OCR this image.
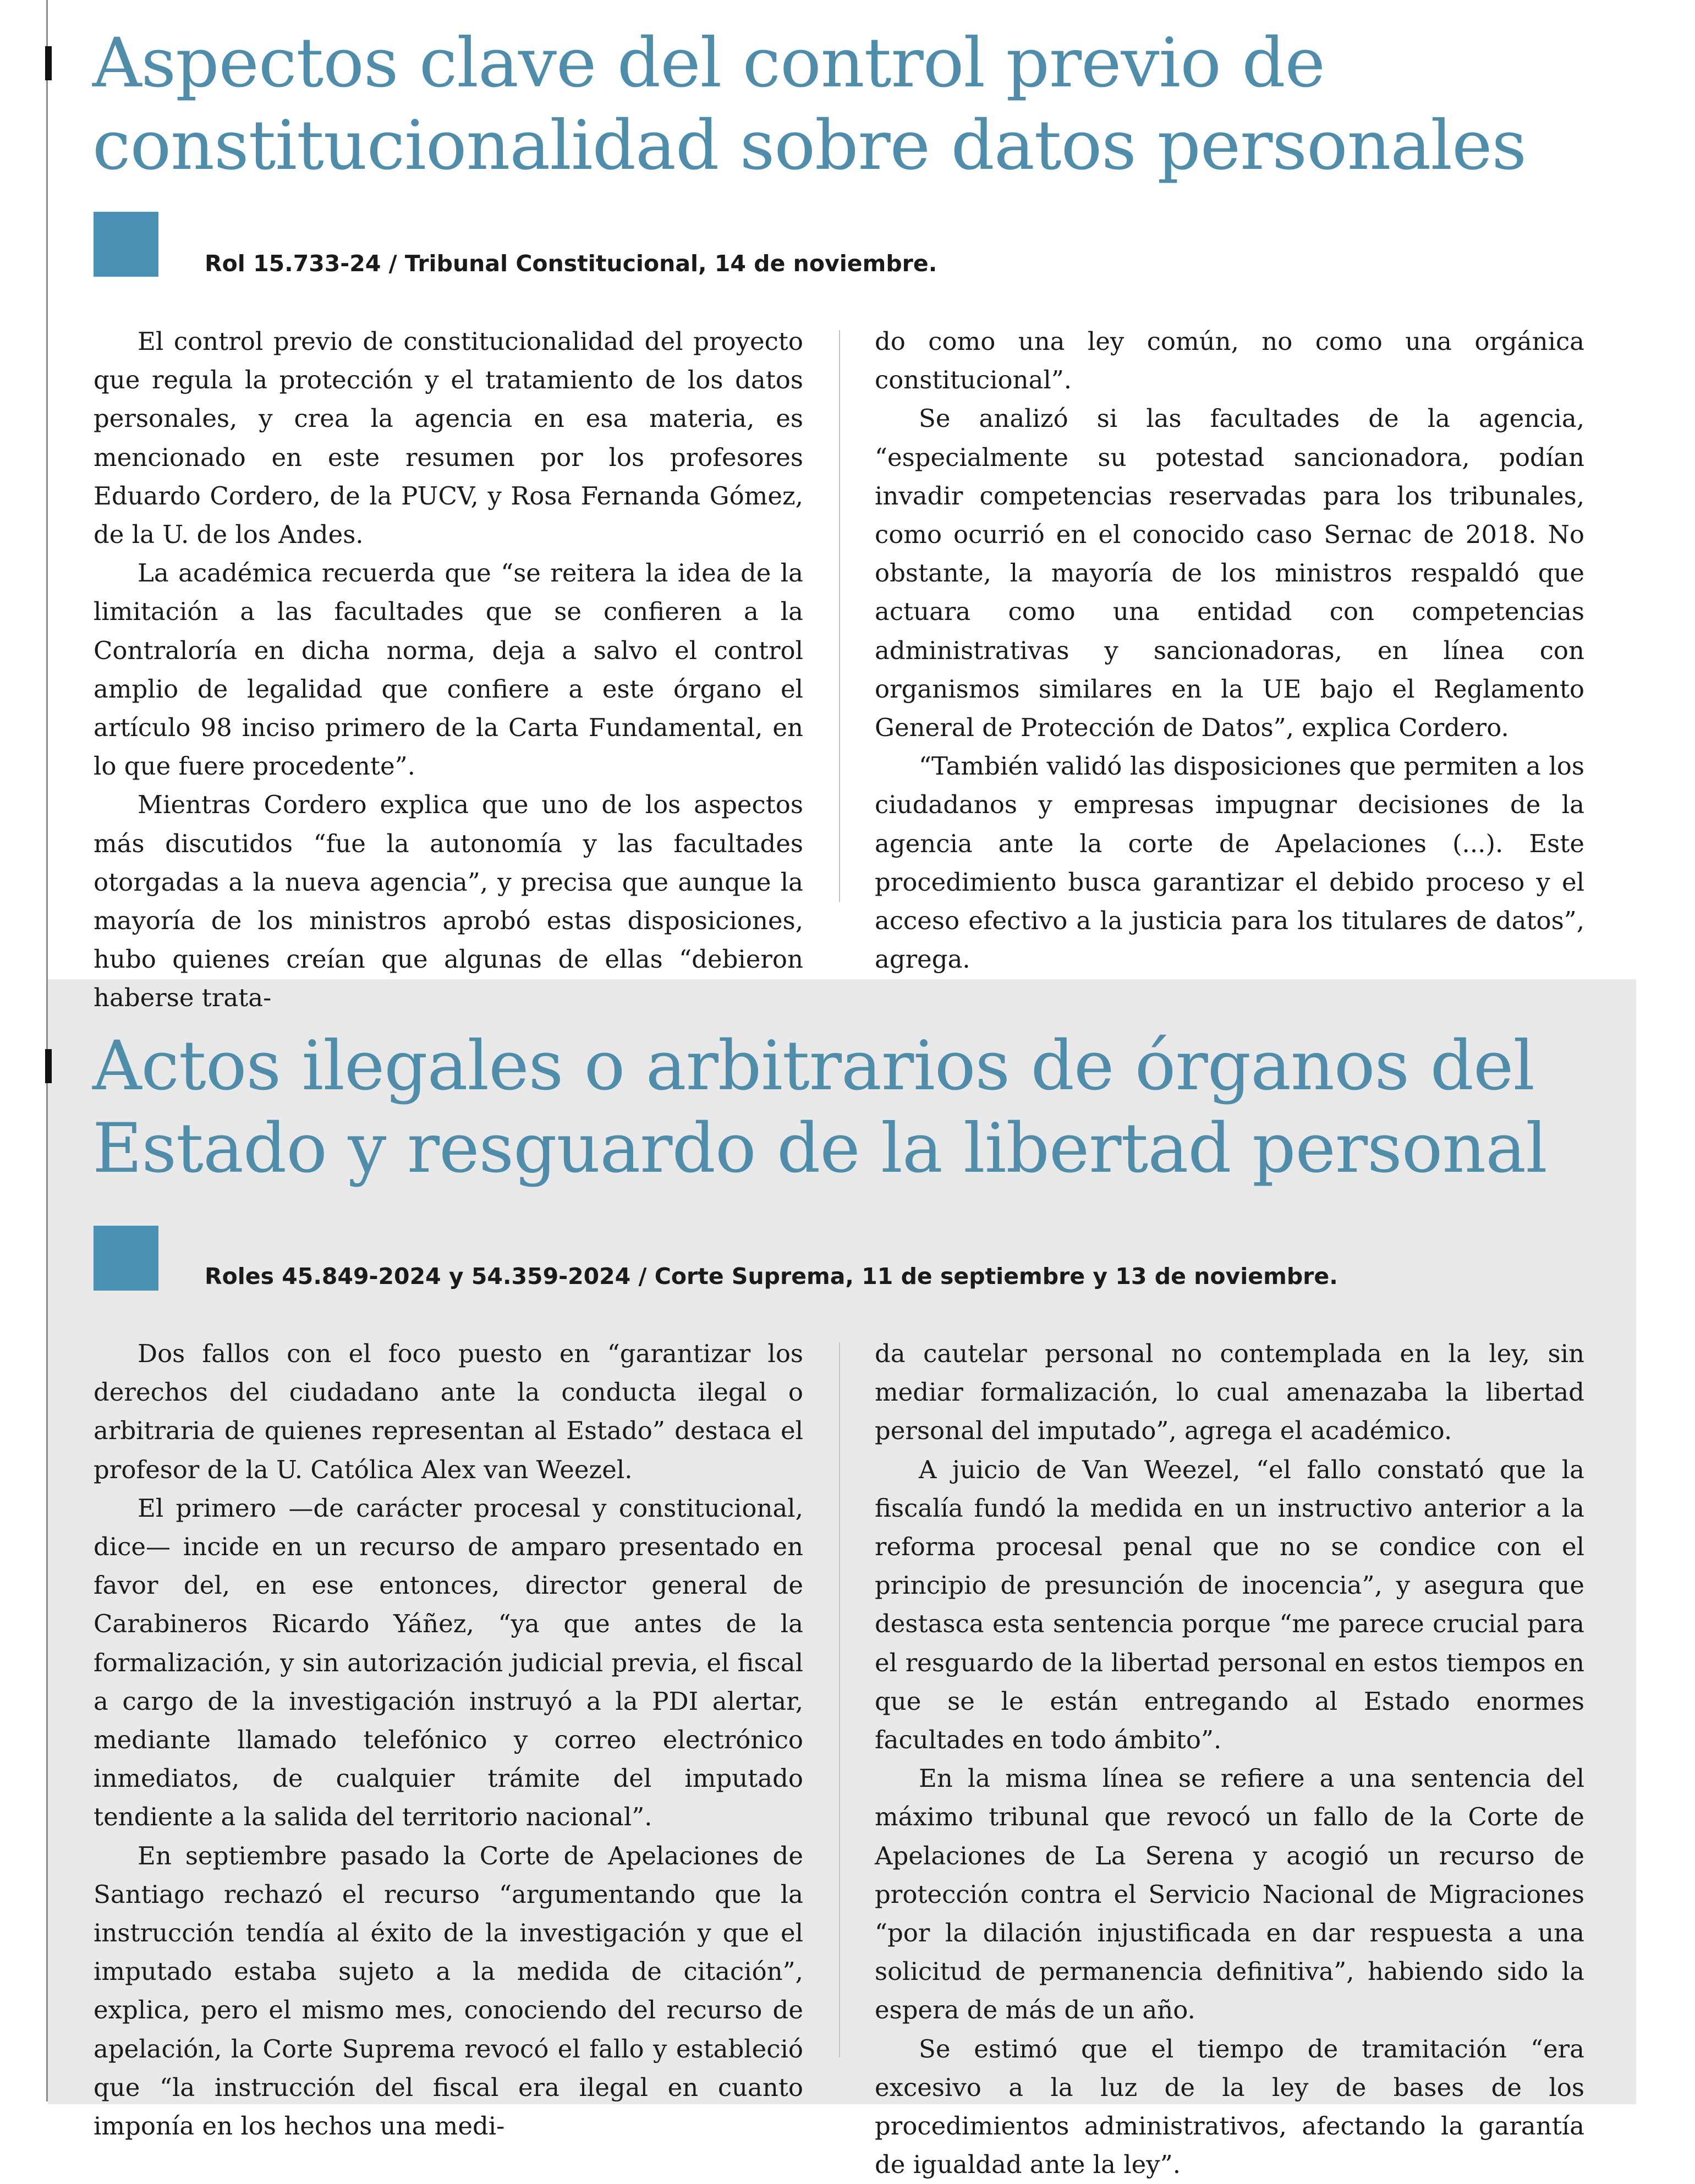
Aspectos clave del control previo de
constitucionalidad sobre datos personales

Rol 15.733-24 / Tribunal Constitucional, 14 de noviembre.

El control previo de constitucionalidad del proyecto que regula la protección y el tratamiento de los datos personales, y crea la agencia en esa materia, es mencionado en este resumen por los profesores Eduardo Cordero, de la PUCV, y Rosa Fernanda Gómez, de la U. de los Andes.

La académica recuerda que “se reitera la idea de la limitación a las facultades que se confieren a la Contraloría en dicha norma, deja a salvo el control amplio de legalidad que confiere a este órgano el artículo 98 inciso primero de la Carta Fundamental, en lo que fuere procedente”.

Mientras Cordero explica que uno de los aspectos más discutidos “fue la autonomía y las facultades otorgadas a la nueva agencia”, y precisa que aunque la mayoría de los ministros aprobó estas disposiciones, hubo quienes creían que algunas de ellas “debieron haberse trata-

do como una ley común, no como una orgánica constitucional”.

Se analizó si las facultades de la agencia, “especialmente su potestad sancionadora, podían invadir competencias reservadas para los tribunales, como ocurrió en el conocido caso Sernac de 2018. No obstante, la mayoría de los ministros respaldó que actuara como una entidad con competencias administrativas y sancionadoras, en línea con organismos similares en la UE bajo el Reglamento General de Protección de Datos”, explica Cordero.

“También validó las disposiciones que permiten a los ciudadanos y empresas impugnar decisiones de la agencia ante la corte de Apelaciones (...). Este procedimiento busca garantizar el debido proceso y el acceso efectivo a la justicia para los titulares de datos”, agrega.

Actos ilegales o arbitrarios de órganos del
Estado y resguardo de la libertad personal

Roles 45.849-2024 y 54.359-2024 / Corte Suprema, 11 de septiembre y 13 de noviembre.

Dos fallos con el foco puesto en “garantizar los derechos del ciudadano ante la conducta ilegal o arbitraria de quienes representan al Estado” destaca el profesor de la U. Católica Alex van Weezel.

El primero —de carácter procesal y constitucional, dice— incide en un recurso de amparo presentado en favor del, en ese entonces, director general de Carabineros Ricardo Yáñez, “ya que antes de la formalización, y sin autorización judicial previa, el fiscal a cargo de la investigación instruyó a la PDI alertar, mediante llamado telefónico y correo electrónico inmediatos, de cualquier trámite del imputado tendiente a la salida del territorio nacional”.

En septiembre pasado la Corte de Apelaciones de Santiago rechazó el recurso “argumentando que la instrucción tendía al éxito de la investigación y que el imputado estaba sujeto a la medida de citación”, explica, pero el mismo mes, conociendo del recurso de apelación, la Corte Suprema revocó el fallo y estableció que “la instrucción del fiscal era ilegal en cuanto imponía en los hechos una medi-

da cautelar personal no contemplada en la ley, sin mediar formalización, lo cual amenazaba la libertad personal del imputado”, agrega el académico.

A juicio de Van Weezel, “el fallo constató que la fiscalía fundó la medida en un instructivo anterior a la reforma procesal penal que no se condice con el principio de presunción de inocencia”, y asegura que destasca esta sentencia porque “me parece crucial para el resguardo de la libertad personal en estos tiempos en que se le están entregando al Estado enormes facultades en todo ámbito”.

En la misma línea se refiere a una sentencia del máximo tribunal que revocó un fallo de la Corte de Apelaciones de La Serena y acogió un recurso de protección contra el Servicio Nacional de Migraciones “por la dilación injustificada en dar respuesta a una solicitud de permanencia definitiva”, habiendo sido la espera de más de un año.

Se estimó que el tiempo de tramitación “era excesivo a la luz de la ley de bases de los procedimientos administrativos, afectando la garantía de igualdad ante la ley”.
